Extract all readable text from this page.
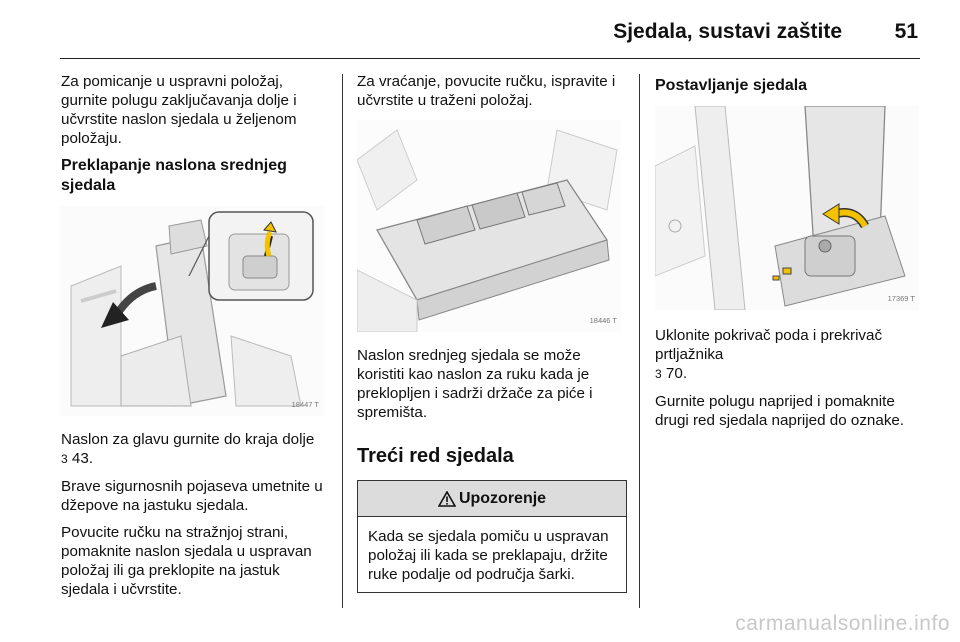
Sjedala, sustavi zaštite	51

Za pomicanje u uspravni položaj, gurnite polugu zaključavanja dolje i učvrstite naslon sjedala u željenom položaju.

Preklapanje naslona srednjeg sjedala
18447 T

Naslon za glavu gurnite do kraja dolje
3 43.

Brave sigurnosnih pojaseva umetnite u džepove na jastuku sjedala.

Povucite ručku na stražnjoj strani, pomaknite naslon sjedala u uspravan položaj ili ga preklopite na jastuk sjedala i učvrstite.

Za vraćanje, povucite ručku, ispravite i učvrstite u traženi položaj.

18446 T

Naslon srednjeg sjedala se može koristiti kao naslon za ruku kada je preklopljen i sadrži držače za piće i spremišta.

Treći red sjedala
Upozorenje
Kada se sjedala pomiču u uspravan položaj ili kada se preklapaju, držite ruke podalje od područja šarki.
Postavljanje sjedala
17369 T

Uklonite pokrivač poda i prekrivač prtljažnika
3 70.

Gurnite polugu naprijed i pomaknite drugi red sjedala naprijed do oznake.

carmanualsonline.info
